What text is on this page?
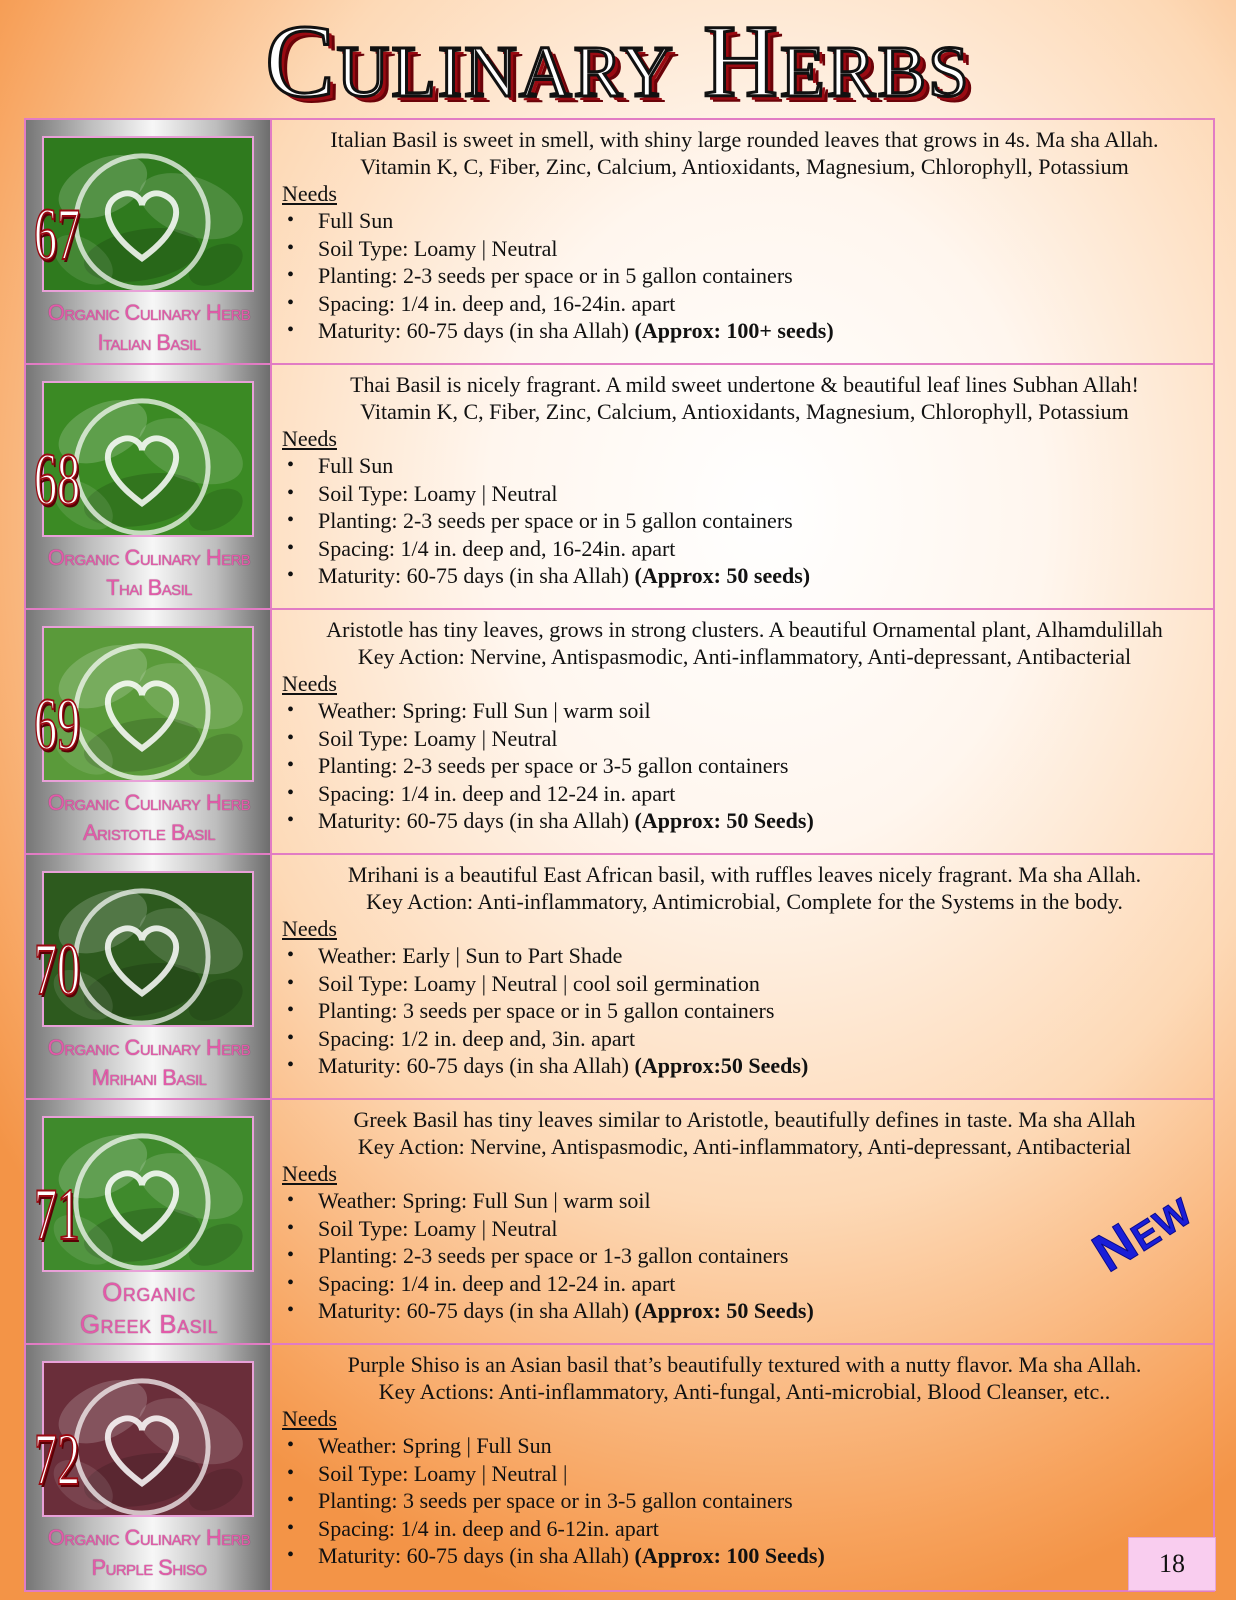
Culinary Herbs
67
Organic Culinary Herb
Italian Basil
Italian Basil is sweet in smell, with shiny large rounded leaves that grows in 4s. Ma sha Allah.
Vitamin K, C, Fiber, Zinc, Calcium, Antioxidants, Magnesium, Chlorophyll, Potassium
Needs
• Full Sun
• Soil Type: Loamy | Neutral
• Planting: 2-3 seeds per space or in 5 gallon containers
• Spacing: 1/4 in. deep and, 16-24in. apart
• Maturity: 60-75 days (in sha Allah) (Approx: 100+ seeds)
68
Organic Culinary Herb
Thai Basil
Thai Basil is nicely fragrant. A mild sweet undertone & beautiful leaf lines Subhan Allah!
Vitamin K, C, Fiber, Zinc, Calcium, Antioxidants, Magnesium, Chlorophyll, Potassium
Needs
• Full Sun
• Soil Type: Loamy | Neutral
• Planting: 2-3 seeds per space or in 5 gallon containers
• Spacing: 1/4 in. deep and, 16-24in. apart
• Maturity: 60-75 days (in sha Allah) (Approx: 50 seeds)
69
Organic Culinary Herb
Aristotle Basil
Aristotle has tiny leaves, grows in strong clusters. A beautiful Ornamental plant, Alhamdulillah
Key Action: Nervine, Antispasmodic, Anti-inflammatory, Anti-depressant, Antibacterial
Needs
• Weather: Spring: Full Sun | warm soil
• Soil Type: Loamy | Neutral
• Planting: 2-3 seeds per space or 3-5 gallon containers
• Spacing: 1/4 in. deep and 12-24 in. apart
• Maturity: 60-75 days (in sha Allah) (Approx: 50 Seeds)
70
Organic Culinary Herb
Mrihani Basil
Mrihani is a beautiful East African basil, with ruffles leaves nicely fragrant. Ma sha Allah.
Key Action: Anti-inflammatory, Antimicrobial, Complete for the Systems in the body.
Needs
• Weather: Early | Sun to Part Shade
• Soil Type: Loamy | Neutral | cool soil germination
• Planting: 3 seeds per space or in 5 gallon containers
• Spacing: 1/2 in. deep and, 3in. apart
• Maturity: 60-75 days (in sha Allah) (Approx:50 Seeds)
71
Organic
Greek Basil
Greek Basil has tiny leaves similar to Aristotle, beautifully defines in taste. Ma sha Allah
Key Action: Nervine, Antispasmodic, Anti-inflammatory, Anti-depressant, Antibacterial
Needs
• Weather: Spring: Full Sun | warm soil
• Soil Type: Loamy | Neutral
• Planting: 2-3 seeds per space or 1-3 gallon containers
• Spacing: 1/4 in. deep and 12-24 in. apart
• Maturity: 60-75 days (in sha Allah) (Approx: 50 Seeds)
72
Organic Culinary Herb
Purple Shiso
Purple Shiso is an Asian basil that’s beautifully textured with a nutty flavor. Ma sha Allah.
Key Actions: Anti-inflammatory, Anti-fungal, Anti-microbial, Blood Cleanser, etc..
Needs
• Weather: Spring | Full Sun
• Soil Type: Loamy | Neutral |
• Planting: 3 seeds per space or in 3-5 gallon containers
• Spacing: 1/4 in. deep and 6-12in. apart
• Maturity: 60-75 days (in sha Allah) (Approx: 100 Seeds)
New
18
